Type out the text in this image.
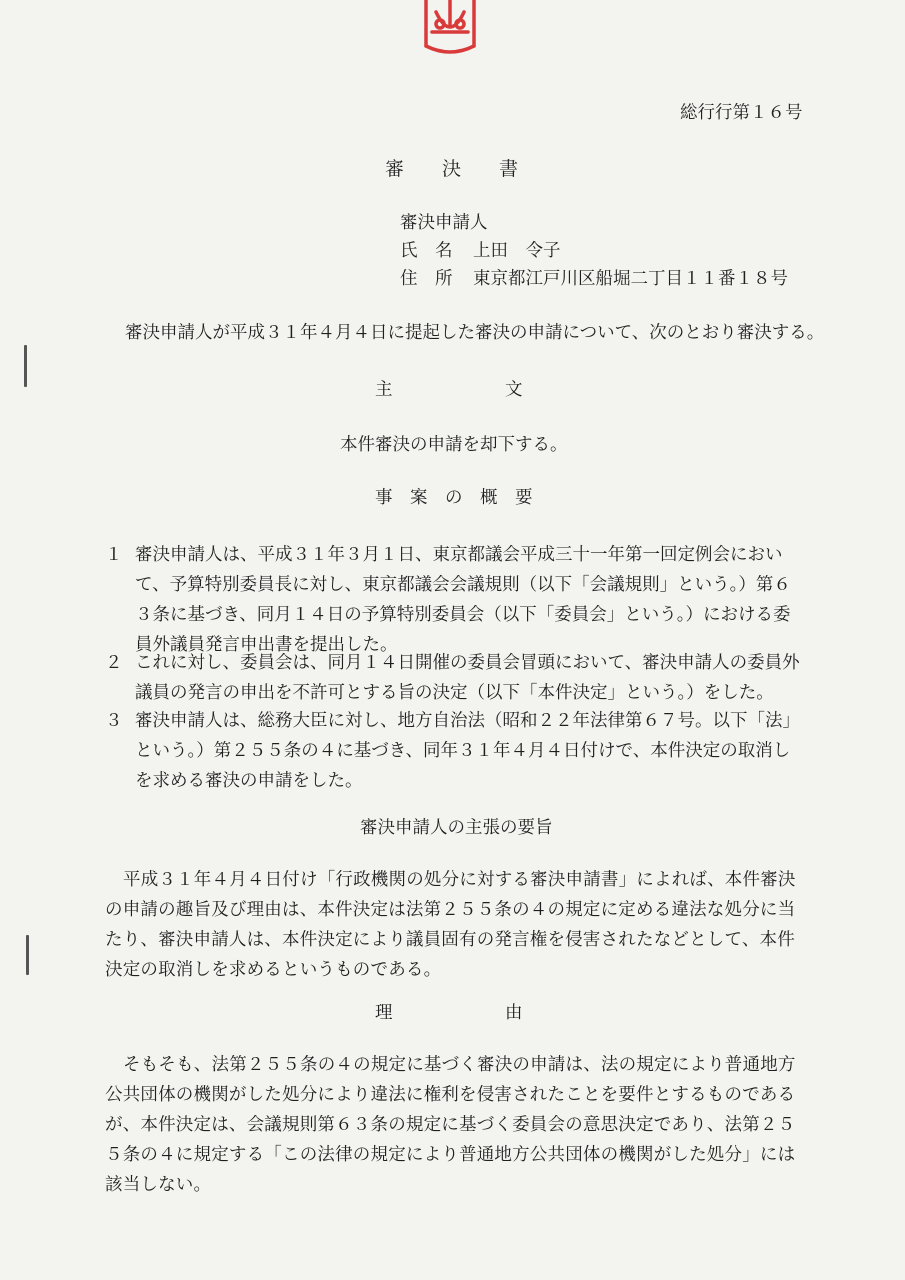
総行行第１６号
審　　決　　書
審決申請人
氏　名 上田　令子
住　所 東京都江戸川区船堀二丁目１１番１８号
審決申請人が平成３１年４月４日に提起した審決の申請について、次のとおり審決する。
主	文
本件審決の申請を却下する。
事　案　の　概　要
１ 審決申請人は、平成３１年３月１日、東京都議会平成三十一年第一回定例会において、予算特別委員長に対し、東京都議会会議規則（以下「会議規則」という。）第６３条に基づき、同月１４日の予算特別委員会（以下「委員会」という。）における委員外議員発言申出書を提出した。
２ これに対し、委員会は、同月１４日開催の委員会冒頭において、審決申請人の委員外議員の発言の申出を不許可とする旨の決定（以下「本件決定」という。）をした。
３ 審決申請人は、総務大臣に対し、地方自治法（昭和２２年法律第６７号。以下「法」という。）第２５５条の４に基づき、同年３１年４月４日付けで、本件決定の取消しを求める審決の申請をした。
審決申請人の主張の要旨
平成３１年４月４日付け「行政機関の処分に対する審決申請書」によれば、本件審決の申請の趣旨及び理由は、本件決定は法第２５５条の４の規定に定める違法な処分に当たり、審決申請人は、本件決定により議員固有の発言権を侵害されたなどとして、本件決定の取消しを求めるというものである。
理	由
そもそも、法第２５５条の４の規定に基づく審決の申請は、法の規定により普通地方公共団体の機関がした処分により違法に権利を侵害されたことを要件とするものであるが、本件決定は、会議規則第６３条の規定に基づく委員会の意思決定であり、法第２５５条の４に規定する「この法律の規定により普通地方公共団体の機関がした処分」には該当しない。
